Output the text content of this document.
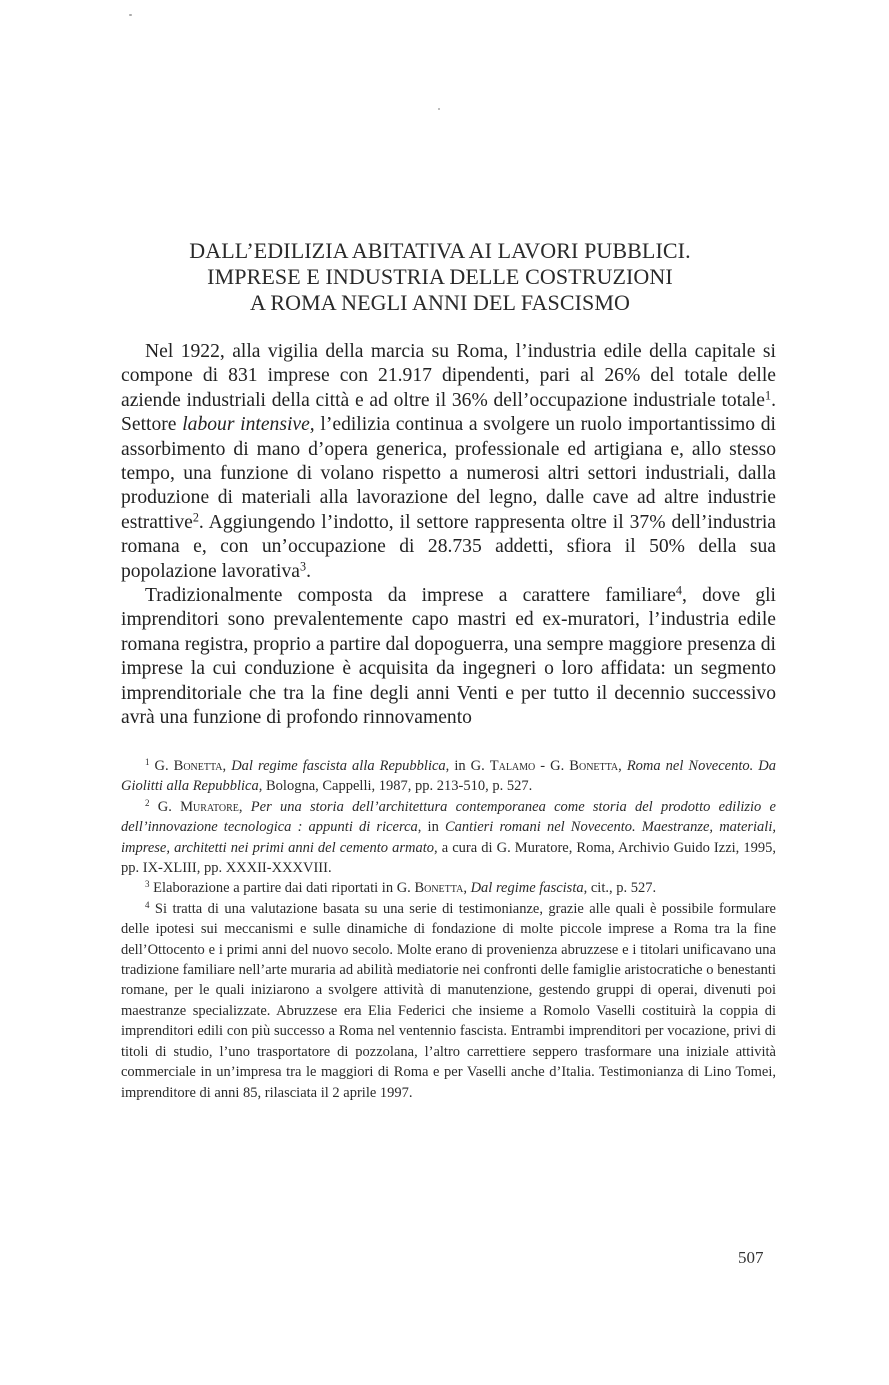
DALL’EDILIZIA ABITATIVA AI LAVORI PUBBLICI.
IMPRESE E INDUSTRIA DELLE COSTRUZIONI
A ROMA NEGLI ANNI DEL FASCISMO

Nel 1922, alla vigilia della marcia su Roma, l’industria edile della capitale si compone di 831 imprese con 21.917 dipendenti, pari al 26% del totale delle aziende industriali della città e ad oltre il 36% dell’occupazione industriale totale$^1$. Settore labour intensive, l’edilizia continua a svolgere un ruolo importantissimo di assorbimento di mano d’opera generica, professionale ed artigiana e, allo stesso tempo, una funzione di volano rispetto a numerosi altri settori industriali, dalla produzione di materiali alla lavorazione del legno, dalle cave ad altre industrie estrattive$^2$. Aggiungendo l’indotto, il settore rappresenta oltre il 37% dell’industria romana e, con un’occupazione di 28.735 addetti, sfiora il 50% della sua popolazione lavorativa$^3$.

Tradizionalmente composta da imprese a carattere familiare$^4$, dove gli imprenditori sono prevalentemente capo mastri ed ex-muratori, l’industria edile romana registra, proprio a partire dal dopoguerra, una sempre maggiore presenza di imprese la cui conduzione è acquisita da ingegneri o loro affidata: un segmento imprenditoriale che tra la fine degli anni Venti e per tutto il decennio successivo avrà una funzione di profondo rinnovamento

$^1$ G. Bonetta, Dal regime fascista alla Repubblica, in G. Talamo - G. Bonetta, Roma nel Novecento. Da Giolitti alla Repubblica, Bologna, Cappelli, 1987, pp. 213-510, p. 527.

$^2$ G. Muratore, Per una storia dell’architettura contemporanea come storia del prodotto edilizio e dell’innovazione tecnologica : appunti di ricerca, in Cantieri romani nel Novecento. Maestranze, materiali, imprese, architetti nei primi anni del cemento armato, a cura di G. Muratore, Roma, Archivio Guido Izzi, 1995, pp. IX-XLIII, pp. XXXII-XXXVIII.

$^3$ Elaborazione a partire dai dati riportati in G. Bonetta, Dal regime fascista, cit., p. 527.

$^4$ Si tratta di una valutazione basata su una serie di testimonianze, grazie alle quali è possibile formulare delle ipotesi sui meccanismi e sulle dinamiche di fondazione di molte piccole imprese a Roma tra la fine dell’Ottocento e i primi anni del nuovo secolo. Molte erano di provenienza abruzzese e i titolari unificavano una tradizione familiare nell’arte muraria ad abilità mediatorie nei confronti delle famiglie aristocratiche o benestanti romane, per le quali iniziarono a svolgere attività di manutenzione, gestendo gruppi di operai, divenuti poi maestranze specializzate. Abruzzese era Elia Federici che insieme a Romolo Vaselli costituirà la coppia di imprenditori edili con più successo a Roma nel ventennio fascista. Entrambi imprenditori per vocazione, privi di titoli di studio, l’uno trasportatore di pozzolana, l’altro carrettiere seppero trasformare una iniziale attività commerciale in un’impresa tra le maggiori di Roma e per Vaselli anche d’Italia. Testimonianza di Lino Tomei, imprenditore di anni 85, rilasciata il 2 aprile 1997.

507
